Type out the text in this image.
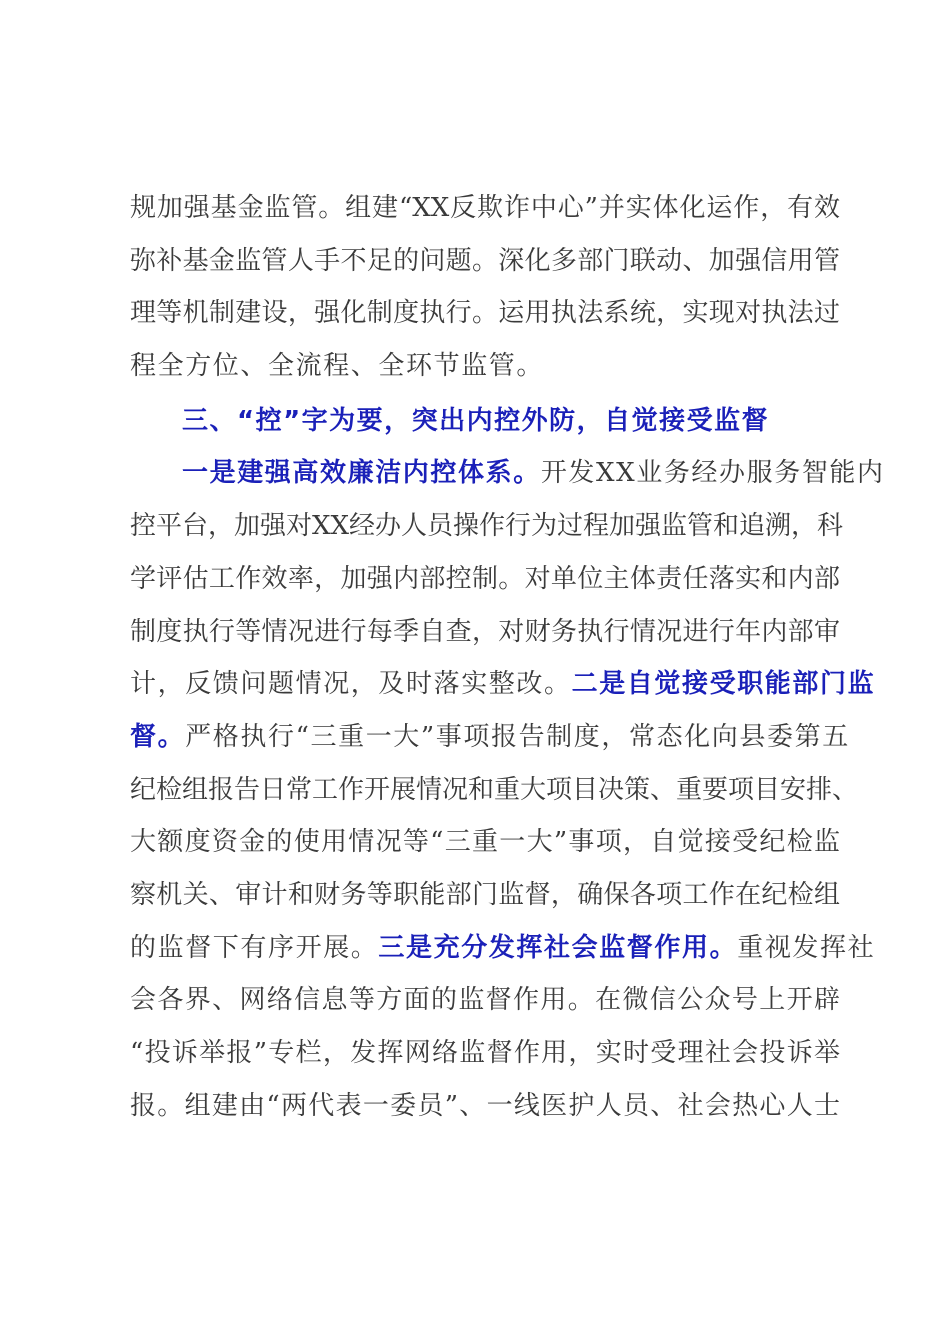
规加强基金监管。组建“XX反欺诈中心”并实体化运作，有效
弥补基金监管人手不足的问题。深化多部门联动、加强信用管
理等机制建设，强化制度执行。运用执法系统，实现对执法过
程全方位、全流程、全环节监管。
三、“控”字为要，突出内控外防，自觉接受监督
一是建强高效廉洁内控体系。开发XX业务经办服务智能内
控平台，加强对XX经办人员操作行为过程加强监管和追溯，科
学评估工作效率，加强内部控制。对单位主体责任落实和内部
制度执行等情况进行每季自查，对财务执行情况进行年内部审
计，反馈问题情况，及时落实整改。二是自觉接受职能部门监
督。严格执行“三重一大”事项报告制度，常态化向县委第五
纪检组报告日常工作开展情况和重大项目决策、重要项目安排、
大额度资金的使用情况等“三重一大”事项，自觉接受纪检监
察机关、审计和财务等职能部门监督，确保各项工作在纪检组
的监督下有序开展。三是充分发挥社会监督作用。重视发挥社
会各界、网络信息等方面的监督作用。在微信公众号上开辟
“投诉举报”专栏，发挥网络监督作用，实时受理社会投诉举
报。组建由“两代表一委员”、一线医护人员、社会热心人士
